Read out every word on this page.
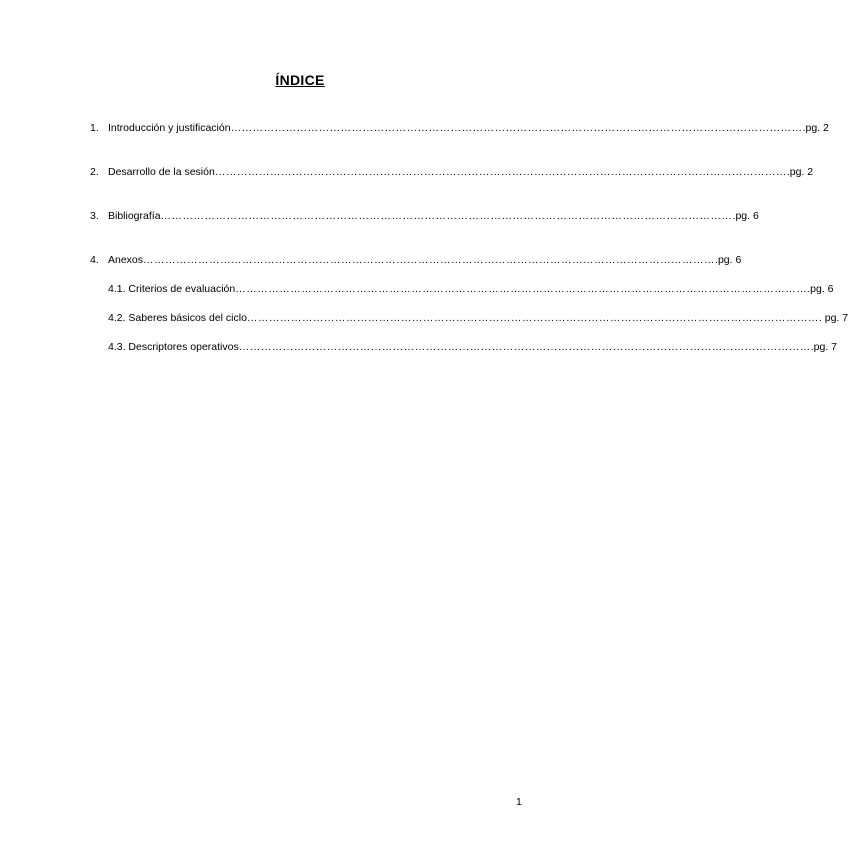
ÍNDICE
1. Introducción y justificación ………………………………………………………………………………………………………………………………………… .pg. 2
2. Desarrollo de la sesión ………………………………………………………………………………………………………………………………………… .pg. 2
3. Bibliografía ………………………………………………………………………………………………………………………………………… .pg. 6
4. Anexos ………………………………………………………………………………………………………………………………………… .pg. 6
4.1. Criterios de evaluación ………………………………………………………………………………………………………………………………………… .pg. 6
4.2. Saberes básicos del ciclo ………………………………………………………………………………………………………………………………………… . pg. 7
4.3. Descriptores operativos ………………………………………………………………………………………………………………………………………… .pg. 7
1
